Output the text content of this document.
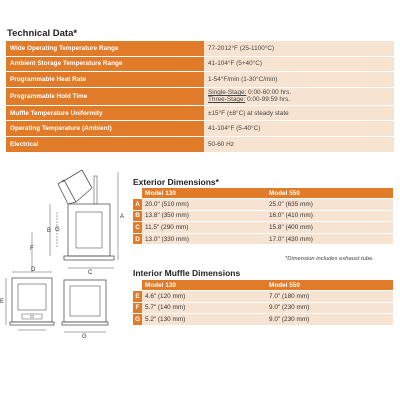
Technical Data*
Wide Operating Temperature Range	77-2012°F (25-1100°C)
Ambient Storage Temperature Range	41-104°F (5+40°C)
Programmable Heat Rate	1-54°F/min (1-30°C/min)
Programmable Hold Time	Single-Stage: 0:00-60:00 hrs.
Three-Stage: 0:00-99:59 hrs.

Muffle Temperature Uniformity	±15°F (±8°C) at steady state
Operating Temperature (Ambient)	41-104°F (5-40°C)
Electrical	50-60 Hz
A
B
C
D
E
F
G
G
Exterior Dimensions*
	Model 130	Model 550
A	20.0" (510 mm)	25.0" (635 mm)
B	13.8" (350 mm)	16.0" (410 mm)
C	11.5" (290 mm)	15.8" (400 mm)
D	13.0" (330 mm)	17.0" (430 mm)
*Dimension includes exhaust tube.
Interior Muffle Dimensions
	Model 130	Model 550
E	4.6" (120 mm)	7.0" (180 mm)
F	5.7" (140 mm)	9.0" (230 mm)
G	5.2" (130 mm)	9.0" (230 mm)
